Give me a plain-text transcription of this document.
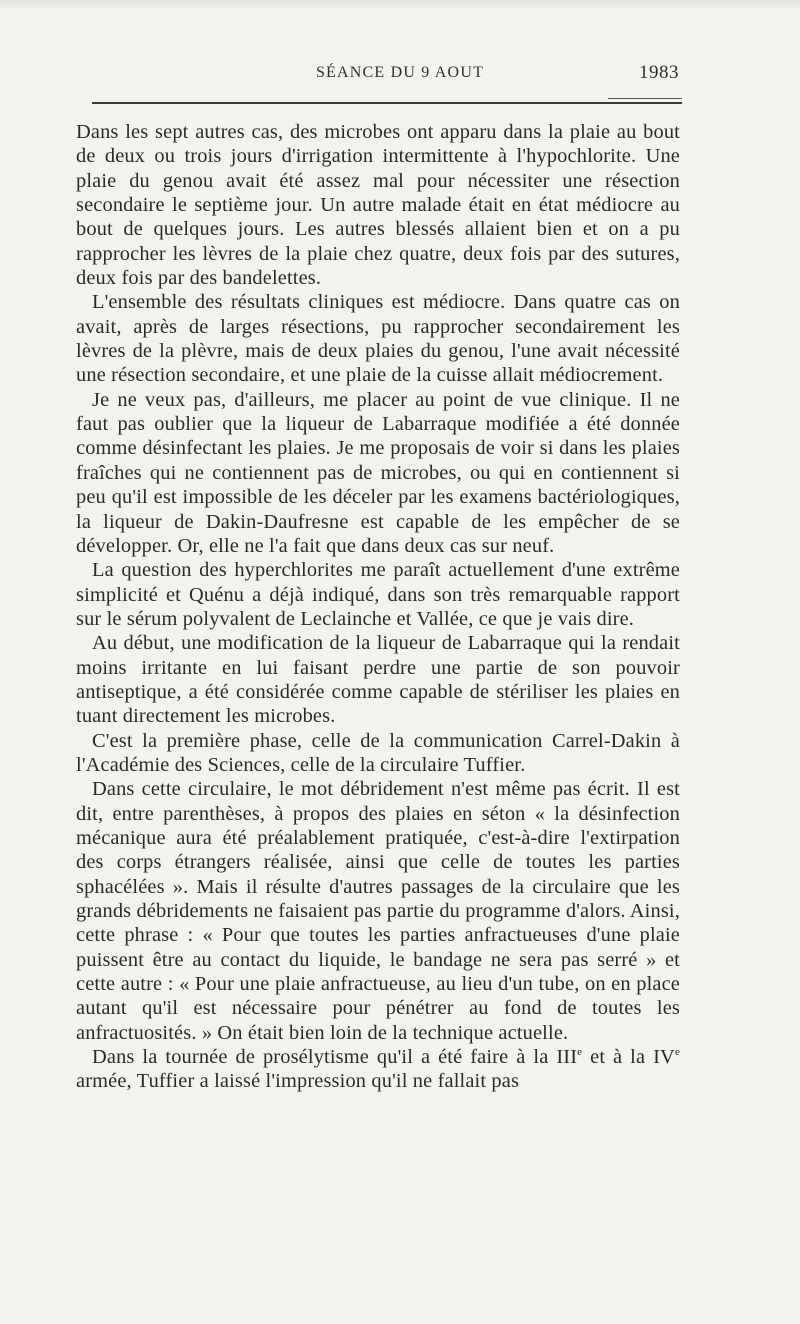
SÉANCE DU 9 AOUT	1983

Dans les sept autres cas, des microbes ont apparu dans la plaie au bout de deux ou trois jours d'irrigation intermittente à l'hypochlorite. Une plaie du genou avait été assez mal pour nécessiter une résection secondaire le septième jour. Un autre malade était en état médiocre au bout de quelques jours. Les autres blessés allaient bien et on a pu rapprocher les lèvres de la plaie chez quatre, deux fois par des sutures, deux fois par des bandelettes.

L'ensemble des résultats cliniques est médiocre. Dans quatre cas on avait, après de larges résections, pu rapprocher secondairement les lèvres de la plèvre, mais de deux plaies du genou, l'une avait nécessité une résection secondaire, et une plaie de la cuisse allait médiocrement.

Je ne veux pas, d'ailleurs, me placer au point de vue clinique. Il ne faut pas oublier que la liqueur de Labarraque modifiée a été donnée comme désinfectant les plaies. Je me proposais de voir si dans les plaies fraîches qui ne contiennent pas de microbes, ou qui en contiennent si peu qu'il est impossible de les déceler par les examens bactériologiques, la liqueur de Dakin-Daufresne est capable de les empêcher de se développer. Or, elle ne l'a fait que dans deux cas sur neuf.

La question des hyperchlorites me paraît actuellement d'une extrême simplicité et Quénu a déjà indiqué, dans son très remarquable rapport sur le sérum polyvalent de Leclainche et Vallée, ce que je vais dire.

Au début, une modification de la liqueur de Labarraque qui la rendait moins irritante en lui faisant perdre une partie de son pouvoir antiseptique, a été considérée comme capable de stériliser les plaies en tuant directement les microbes.

C'est la première phase, celle de la communication Carrel-Dakin à l'Académie des Sciences, celle de la circulaire Tuffier.

Dans cette circulaire, le mot débridement n'est même pas écrit. Il est dit, entre parenthèses, à propos des plaies en séton « la désinfection mécanique aura été préalablement pratiquée, c'est-à-dire l'extirpation des corps étrangers réalisée, ainsi que celle de toutes les parties sphacélées ». Mais il résulte d'autres passages de la circulaire que les grands débridements ne faisaient pas partie du programme d'alors. Ainsi, cette phrase : « Pour que toutes les parties anfractueuses d'une plaie puissent être au contact du liquide, le bandage ne sera pas serré » et cette autre : « Pour une plaie anfractueuse, au lieu d'un tube, on en place autant qu'il est nécessaire pour pénétrer au fond de toutes les anfractuosités. » On était bien loin de la technique actuelle.

Dans la tournée de prosélytisme qu'il a été faire à la IIIe et à la IVe armée, Tuffier a laissé l'impression qu'il ne fallait pas
